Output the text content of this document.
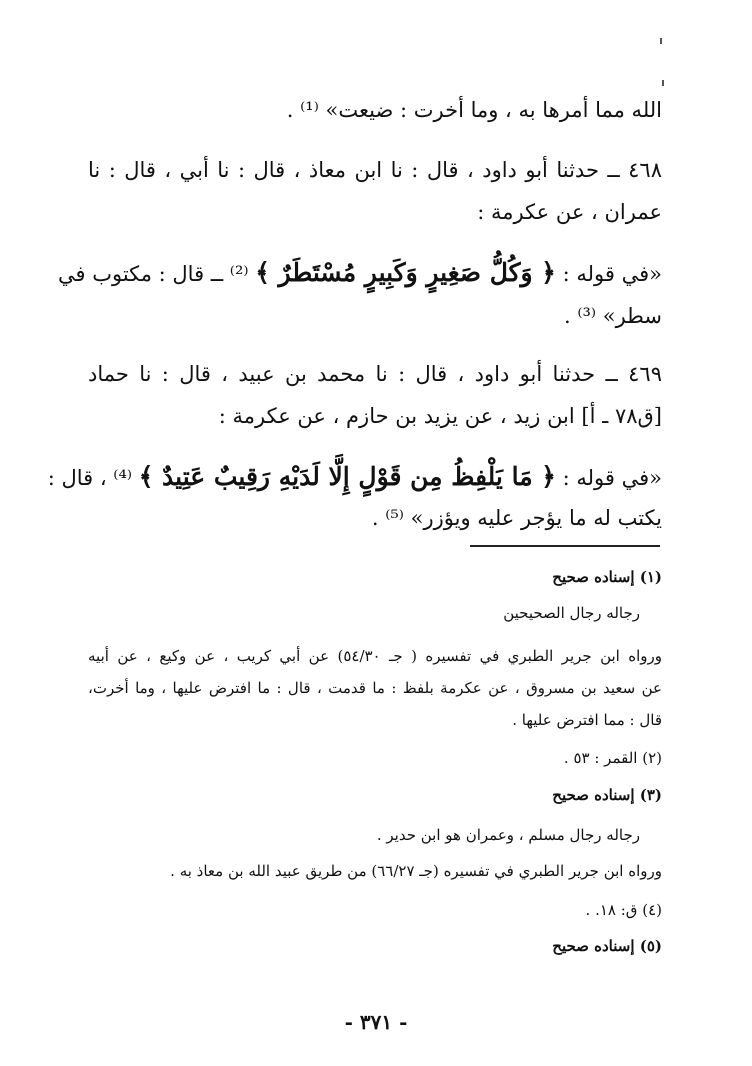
الله مما أمرها به ، وما أخرت : ضيعت» ⁽¹⁾ .
٤٦٨ ــ حدثنا أبو داود ، قال : نا ابن معاذ ، قال : نا أبي ، قال : نا
عمران ، عن عكرمة :
«في قوله : ﴿ وَكُلُّ صَغِيرٍ وَكَبِيرٍ مُسْتَطَرٌ ﴾ ⁽²⁾ ــ قال : مكتوب في
سطر» ⁽³⁾ .
٤٦٩ ــ حدثنا أبو داود ، قال : نا محمد بن عبيد ، قال : نا حماد
[ق٧٨ ـ أ] ابن زيد ، عن يزيد بن حازم ، عن عكرمة :
«في قوله : ﴿ مَا يَلْفِظُ مِن قَوْلٍ إِلَّا لَدَيْهِ رَقِيبٌ عَتِيدٌ ﴾ ⁽⁴⁾ ، قال :
يكتب له ما يؤجر عليه ويؤزر» ⁽⁵⁾ .
(١) إسناده صحيح
رجاله رجال الصحيحين
ورواه ابن جرير الطبري في تفسيره ( جـ ٥٤/٣٠) عن أبي كريب ، عن وكيع ، عن أبيه
عن سعيد بن مسروق ، عن عكرمة بلفظ : ما قدمت ، قال : ما افترض عليها ، وما أخرت،
قال : مما افترض عليها .
(٢) القمر : ٥٣ .
(٣) إسناده صحيح
رجاله رجال مسلم ، وعمران هو ابن حدير .
ورواه ابن جرير الطبري في تفسيره (جـ ٦٦/٢٧) من طريق عبيد الله بن معاذ به .
(٤) ق: ١٨. .
(٥) إسناده صحيح
- ٣٧١ -
